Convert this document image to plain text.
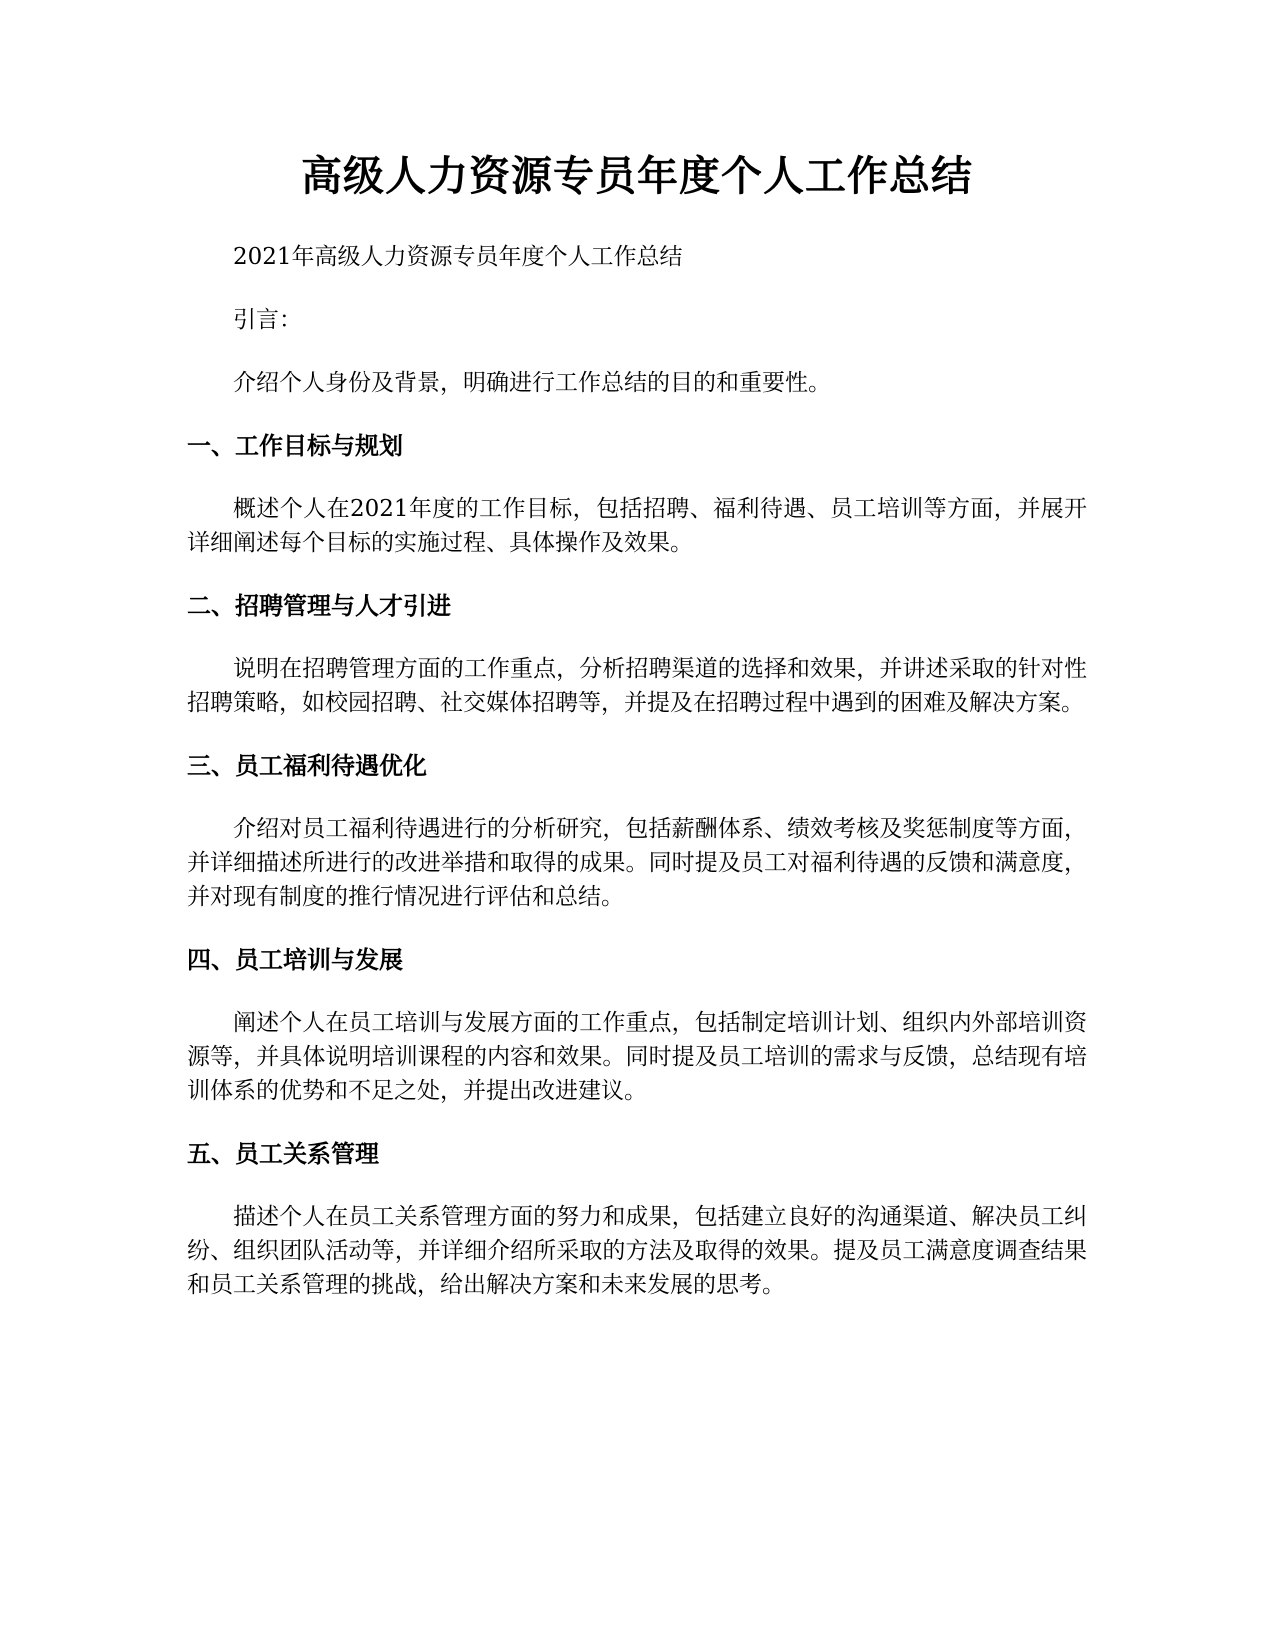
高级人力资源专员年度个人工作总结

2021年高级人力资源专员年度个人工作总结

引言：

介绍个人身份及背景，明确进行工作总结的目的和重要性。

一、工作目标与规划

概述个人在2021年度的工作目标，包括招聘、福利待遇、员工培训等方面，并展开详细阐述每个目标的实施过程、具体操作及效果。

二、招聘管理与人才引进

说明在招聘管理方面的工作重点，分析招聘渠道的选择和效果，并讲述采取的针对性招聘策略，如校园招聘、社交媒体招聘等，并提及在招聘过程中遇到的困难及解决方案。

三、员工福利待遇优化

介绍对员工福利待遇进行的分析研究，包括薪酬体系、绩效考核及奖惩制度等方面，并详细描述所进行的改进举措和取得的成果。同时提及员工对福利待遇的反馈和满意度，并对现有制度的推行情况进行评估和总结。

四、员工培训与发展

阐述个人在员工培训与发展方面的工作重点，包括制定培训计划、组织内外部培训资源等，并具体说明培训课程的内容和效果。同时提及员工培训的需求与反馈，总结现有培训体系的优势和不足之处，并提出改进建议。

五、员工关系管理

描述个人在员工关系管理方面的努力和成果，包括建立良好的沟通渠道、解决员工纠纷、组织团队活动等，并详细介绍所采取的方法及取得的效果。提及员工满意度调查结果和员工关系管理的挑战，给出解决方案和未来发展的思考。
